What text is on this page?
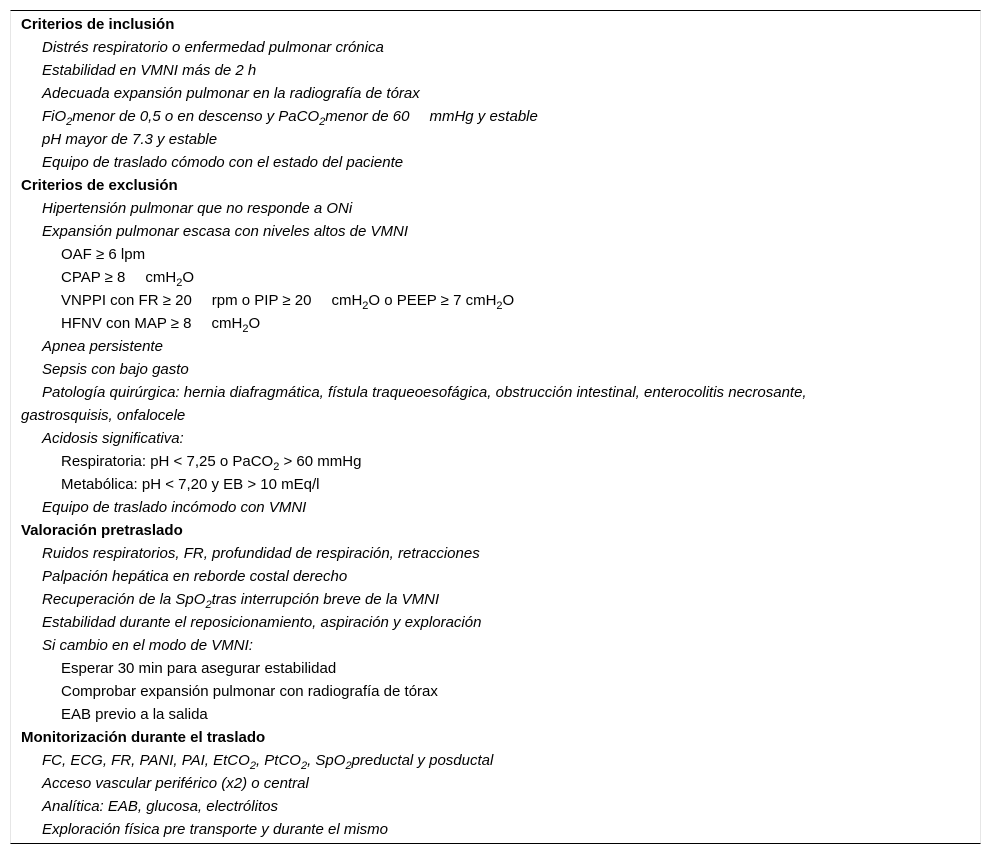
Criterios de inclusión
Distrés respiratorio o enfermedad pulmonar crónica
Estabilidad en VMNI más de 2 h
Adecuada expansión pulmonar en la radiografía de tórax
FiO$_2$menor de 0,5 o en descenso y PaCO$_2$menor de 60 mmHg y estable
pH mayor de 7.3 y estable
Equipo de traslado cómodo con el estado del paciente
Criterios de exclusión
Hipertensión pulmonar que no responde a ONi
Expansión pulmonar escasa con niveles altos de VMNI
OAF ≥ 6 lpm
CPAP ≥ 8 cmH$_2$O
VNPPI con FR ≥ 20 rpm o PIP ≥ 20 cmH$_2$O o PEEP ≥ 7 cmH$_2$O
HFNV con MAP ≥ 8 cmH$_2$O
Apnea persistente
Sepsis con bajo gasto
Patología quirúrgica: hernia diafragmática, fístula traqueoesofágica, obstrucción intestinal, enterocolitis necrosante, gastrosquisis, onfalocele
Acidosis significativa:
Respiratoria: pH < 7,25 o PaCO$_2$ > 60 mmHg
Metabólica: pH < 7,20 y EB > 10 mEq/l
Equipo de traslado incómodo con VMNI
Valoración pretraslado
Ruidos respiratorios, FR, profundidad de respiración, retracciones
Palpación hepática en reborde costal derecho
Recuperación de la SpO$_2$tras interrupción breve de la VMNI
Estabilidad durante el reposicionamiento, aspiración y exploración
Si cambio en el modo de VMNI:
Esperar 30 min para asegurar estabilidad
Comprobar expansión pulmonar con radiografía de tórax
EAB previo a la salida
Monitorización durante el traslado
FC, ECG, FR, PANI, PAI, EtCO$_2$, PtCO$_2$, SpO$_2$preductal y posductal
Acceso vascular periférico (x2) o central
Analítica: EAB, glucosa, electrólitos
Exploración física pre transporte y durante el mismo
